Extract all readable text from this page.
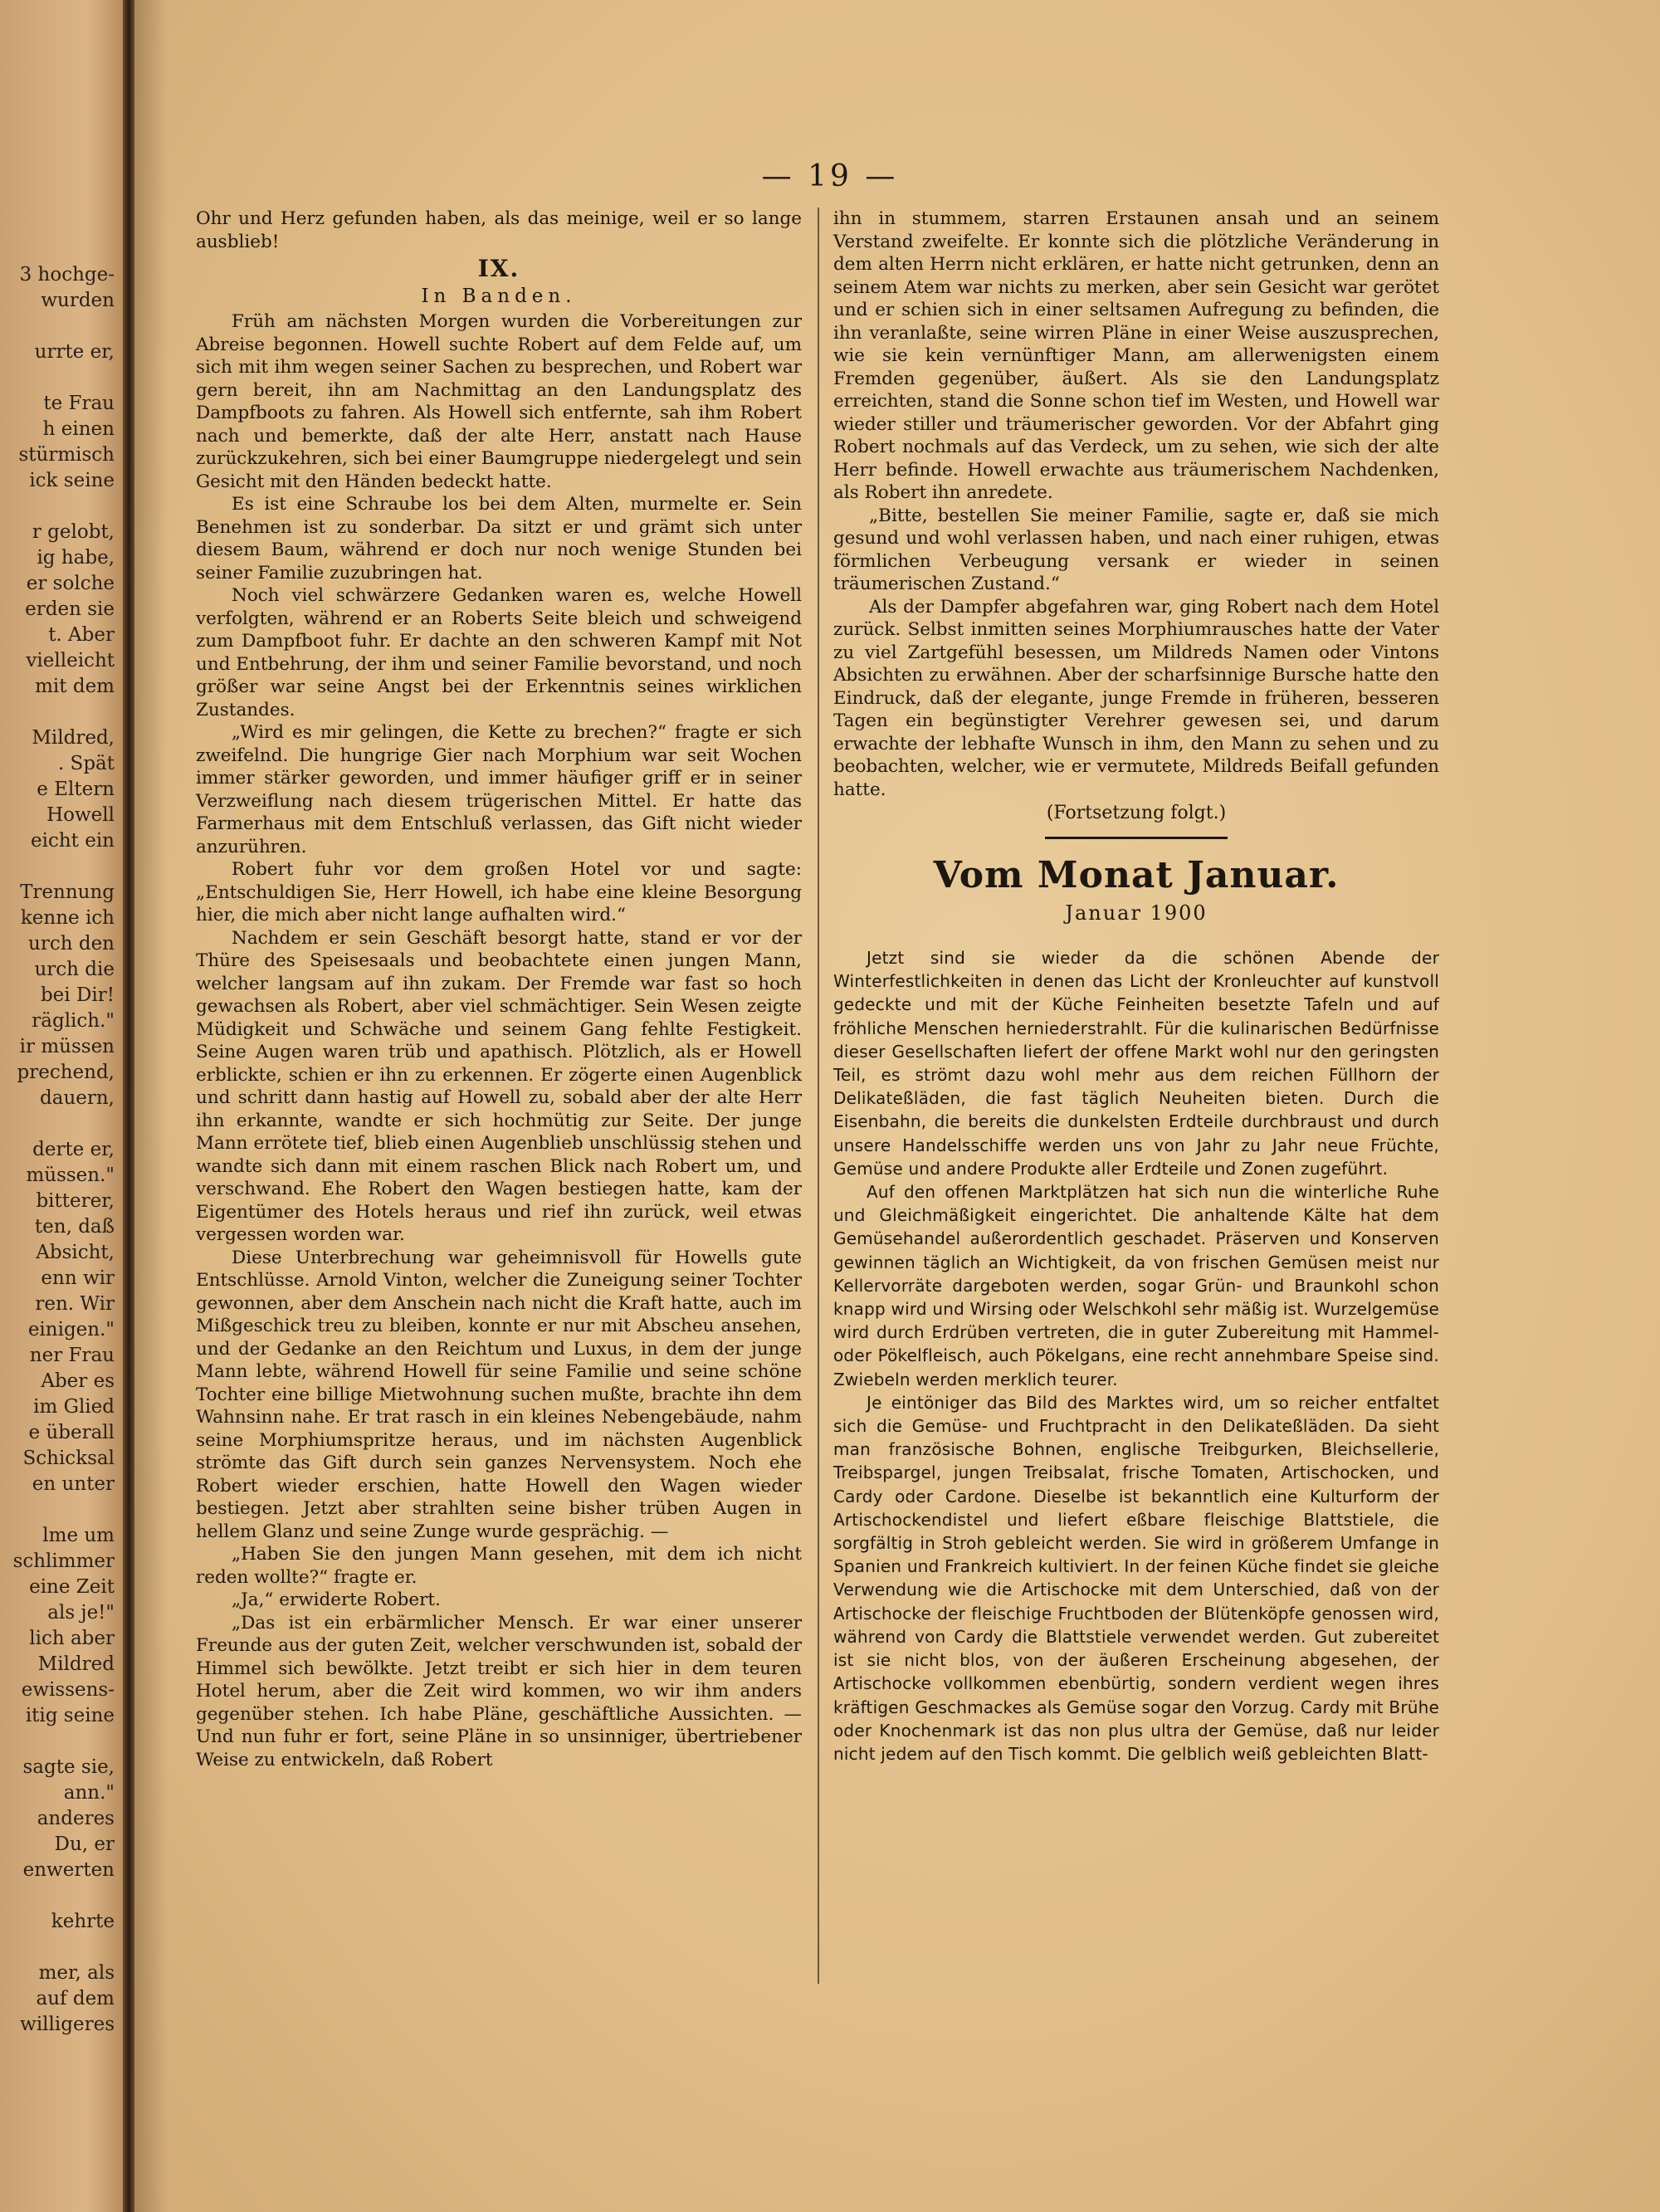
3 hochge-
wurden
urrte er,
te Frau
h einen
stürmisch
ick seine
r gelobt,
ig habe,
er solche
erden sie
t. Aber
vielleicht
mit dem
Mildred,
. Spät
e Eltern
Howell
eicht ein
Trennung
kenne ich
urch den
urch die
bei Dir!
räglich."
ir müssen
prechend,
dauern,
derte er,
müssen."
bitterer,
ten, daß
Absicht,
enn wir
ren. Wir
einigen."
ner Frau
Aber es
im Glied
e überall
Schicksal
en unter
lme um
schlimmer
eine Zeit
als je!"
lich aber
Mildred
ewissens-
itig seine
sagte sie,
ann."
anderes
Du, er
enwerten
kehrte
mer, als
auf dem
willigeres
— 19 —

Ohr und Herz gefunden haben, als das meinige, weil er so lange ausblieb!

IX.
In Banden.

Früh am nächsten Morgen wurden die Vorbereitungen zur Abreise begonnen. Howell suchte Robert auf dem Felde auf, um sich mit ihm wegen seiner Sachen zu besprechen, und Robert war gern bereit, ihn am Nachmittag an den Landungsplatz des Dampfboots zu fahren. Als Howell sich entfernte, sah ihm Robert nach und bemerkte, daß der alte Herr, anstatt nach Hause zurückzukehren, sich bei einer Baumgruppe niedergelegt und sein Gesicht mit den Händen bedeckt hatte.

Es ist eine Schraube los bei dem Alten, murmelte er. Sein Benehmen ist zu sonderbar. Da sitzt er und grämt sich unter diesem Baum, während er doch nur noch wenige Stunden bei seiner Familie zuzubringen hat.

Noch viel schwärzere Gedanken waren es, welche Howell verfolgten, während er an Roberts Seite bleich und schweigend zum Dampfboot fuhr. Er dachte an den schweren Kampf mit Not und Entbehrung, der ihm und seiner Familie bevorstand, und noch größer war seine Angst bei der Erkenntnis seines wirklichen Zustandes.

„Wird es mir gelingen, die Kette zu brechen?“ fragte er sich zweifelnd. Die hungrige Gier nach Morphium war seit Wochen immer stärker geworden, und immer häufiger griff er in seiner Verzweiflung nach diesem trügerischen Mittel. Er hatte das Farmerhaus mit dem Entschluß verlassen, das Gift nicht wieder anzurühren.

Robert fuhr vor dem großen Hotel vor und sagte: „Entschuldigen Sie, Herr Howell, ich habe eine kleine Besorgung hier, die mich aber nicht lange aufhalten wird.“

Nachdem er sein Geschäft besorgt hatte, stand er vor der Thüre des Speisesaals und beobachtete einen jungen Mann, welcher langsam auf ihn zukam. Der Fremde war fast so hoch gewachsen als Robert, aber viel schmächtiger. Sein Wesen zeigte Müdigkeit und Schwäche und seinem Gang fehlte Festigkeit. Seine Augen waren trüb und apathisch. Plötzlich, als er Howell erblickte, schien er ihn zu erkennen. Er zögerte einen Augenblick und schritt dann hastig auf Howell zu, sobald aber der alte Herr ihn erkannte, wandte er sich hochmütig zur Seite. Der junge Mann errötete tief, blieb einen Augenblieb unschlüssig stehen und wandte sich dann mit einem raschen Blick nach Robert um, und verschwand. Ehe Robert den Wagen bestiegen hatte, kam der Eigentümer des Hotels heraus und rief ihn zurück, weil etwas vergessen worden war.

Diese Unterbrechung war geheimnisvoll für Howells gute Entschlüsse. Arnold Vinton, welcher die Zuneigung seiner Tochter gewonnen, aber dem Anschein nach nicht die Kraft hatte, auch im Mißgeschick treu zu bleiben, konnte er nur mit Abscheu ansehen, und der Gedanke an den Reichtum und Luxus, in dem der junge Mann lebte, während Howell für seine Familie und seine schöne Tochter eine billige Mietwohnung suchen mußte, brachte ihn dem Wahnsinn nahe. Er trat rasch in ein kleines Nebengebäude, nahm seine Morphiumspritze heraus, und im nächsten Augenblick strömte das Gift durch sein ganzes Nervensystem. Noch ehe Robert wieder erschien, hatte Howell den Wagen wieder bestiegen. Jetzt aber strahlten seine bisher trüben Augen in hellem Glanz und seine Zunge wurde gesprächig. —

„Haben Sie den jungen Mann gesehen, mit dem ich nicht reden wollte?“ fragte er.

„Ja,“ erwiderte Robert.

„Das ist ein erbärmlicher Mensch. Er war einer unserer Freunde aus der guten Zeit, welcher verschwunden ist, sobald der Himmel sich bewölkte. Jetzt treibt er sich hier in dem teuren Hotel herum, aber die Zeit wird kommen, wo wir ihm anders gegenüber stehen. Ich habe Pläne, geschäftliche Aussichten. — Und nun fuhr er fort, seine Pläne in so unsinniger, übertriebener Weise zu entwickeln, daß Robert

ihn in stummem, starren Erstaunen ansah und an seinem Verstand zweifelte. Er konnte sich die plötzliche Veränderung in dem alten Herrn nicht erklären, er hatte nicht getrunken, denn an seinem Atem war nichts zu merken, aber sein Gesicht war gerötet und er schien sich in einer seltsamen Aufregung zu befinden, die ihn veranlaßte, seine wirren Pläne in einer Weise auszusprechen, wie sie kein vernünftiger Mann, am allerwenigsten einem Fremden gegenüber, äußert. Als sie den Landungsplatz erreichten, stand die Sonne schon tief im Westen, und Howell war wieder stiller und träumerischer geworden. Vor der Abfahrt ging Robert nochmals auf das Verdeck, um zu sehen, wie sich der alte Herr befinde. Howell erwachte aus träumerischem Nachdenken, als Robert ihn anredete.

„Bitte, bestellen Sie meiner Familie, sagte er, daß sie mich gesund und wohl verlassen haben, und nach einer ruhigen, etwas förmlichen Verbeugung versank er wieder in seinen träumerischen Zustand.“

Als der Dampfer abgefahren war, ging Robert nach dem Hotel zurück. Selbst inmitten seines Morphiumrausches hatte der Vater zu viel Zartgefühl besessen, um Mildreds Namen oder Vintons Absichten zu erwähnen. Aber der scharfsinnige Bursche hatte den Eindruck, daß der elegante, junge Fremde in früheren, besseren Tagen ein begünstigter Verehrer gewesen sei, und darum erwachte der lebhafte Wunsch in ihm, den Mann zu sehen und zu beobachten, welcher, wie er vermutete, Mildreds Beifall gefunden hatte.

(Fortsetzung folgt.)
Vom Monat Januar.
Januar 1900

Jetzt sind sie wieder da die schönen Abende der Winterfestlichkeiten in denen das Licht der Kronleuchter auf kunstvoll gedeckte und mit der Küche Feinheiten besetzte Tafeln und auf fröhliche Menschen herniederstrahlt. Für die kulinarischen Bedürfnisse dieser Gesellschaften liefert der offene Markt wohl nur den geringsten Teil, es strömt dazu wohl mehr aus dem reichen Füllhorn der Delikateßläden, die fast täglich Neuheiten bieten. Durch die Eisenbahn, die bereits die dunkelsten Erdteile durchbraust und durch unsere Handelsschiffe werden uns von Jahr zu Jahr neue Früchte, Gemüse und andere Produkte aller Erdteile und Zonen zugeführt.

Auf den offenen Marktplätzen hat sich nun die winterliche Ruhe und Gleichmäßigkeit eingerichtet. Die anhaltende Kälte hat dem Gemüsehandel außerordentlich geschadet. Präserven und Konserven gewinnen täglich an Wichtigkeit, da von frischen Gemüsen meist nur Kellervorräte dargeboten werden, sogar Grün- und Braunkohl schon knapp wird und Wirsing oder Welschkohl sehr mäßig ist. Wurzelgemüse wird durch Erdrüben vertreten, die in guter Zubereitung mit Hammel- oder Pökelfleisch, auch Pökelgans, eine recht annehmbare Speise sind. Zwiebeln werden merklich teurer.

Je eintöniger das Bild des Marktes wird, um so reicher entfaltet sich die Gemüse- und Fruchtpracht in den Delikateßläden. Da sieht man französische Bohnen, englische Treibgurken, Bleichsellerie, Treibspargel, jungen Treibsalat, frische Tomaten, Artischocken, und Cardy oder Cardone. Dieselbe ist bekanntlich eine Kulturform der Artischockendistel und liefert eßbare fleischige Blattstiele, die sorgfältig in Stroh gebleicht werden. Sie wird in größerem Umfange in Spanien und Frankreich kultiviert. In der feinen Küche findet sie gleiche Verwendung wie die Artischocke mit dem Unterschied, daß von der Artischocke der fleischige Fruchtboden der Blütenköpfe genossen wird, während von Cardy die Blattstiele verwendet werden. Gut zubereitet ist sie nicht blos, von der äußeren Erscheinung abgesehen, der Artischocke vollkommen ebenbürtig, sondern verdient wegen ihres kräftigen Geschmackes als Gemüse sogar den Vorzug. Cardy mit Brühe oder Knochenmark ist das non plus ultra der Gemüse, daß nur leider nicht jedem auf den Tisch kommt. Die gelblich weiß gebleichten Blatt-
